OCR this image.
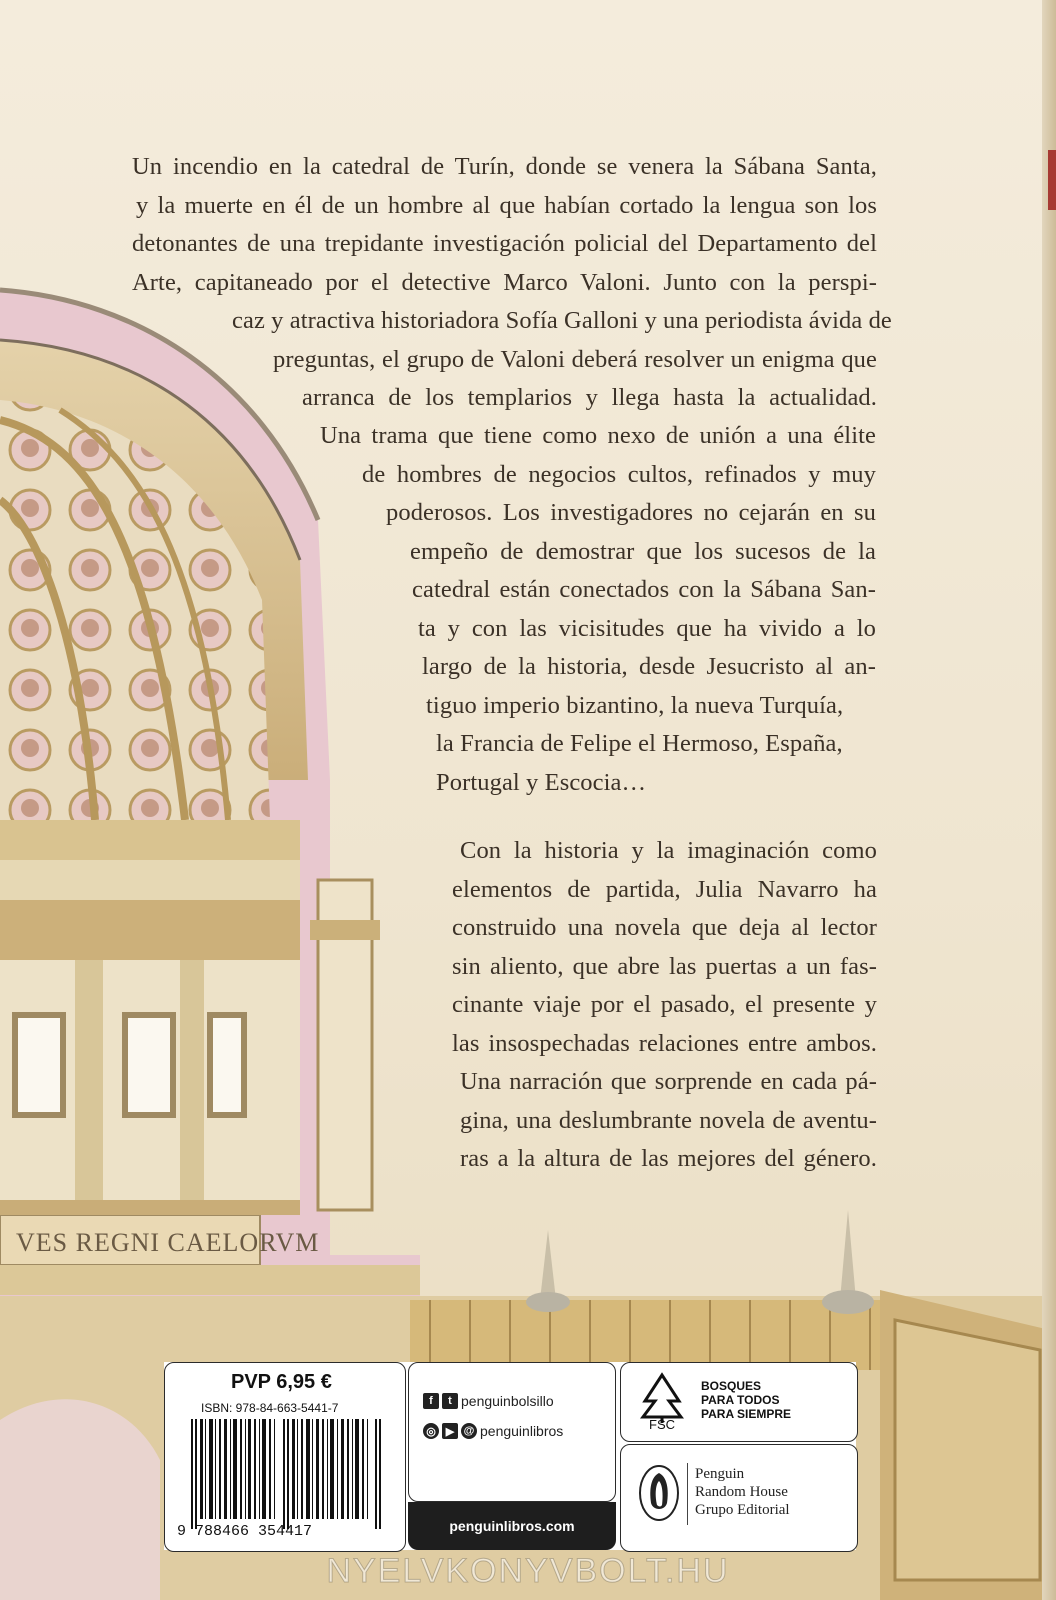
VES REGNI CAELORVM
Un incendio en la catedral de Turín, donde se venera la Sábana Santa,
y la muerte en él de un hombre al que habían cortado la lengua son los
detonantes de una trepidante investigación policial del Departamento del
Arte, capitaneado por el detective Marco Valoni. Junto con la perspi-
caz y atractiva historiadora Sofía Galloni y una periodista ávida de
preguntas, el grupo de Valoni deberá resolver un enigma que
arranca de los templarios y llega hasta la actualidad.
Una trama que tiene como nexo de unión a una élite
de hombres de negocios cultos, refinados y muy
poderosos. Los investigadores no cejarán en su
empeño de demostrar que los sucesos de la
catedral están conectados con la Sábana San-
ta y con las vicisitudes que ha vivido a lo
largo de la historia, desde Jesucristo al an-
tiguo imperio bizantino, la nueva Turquía,
la Francia de Felipe el Hermoso, España,
Portugal y Escocia…
Con la historia y la imaginación como
elementos de partida, Julia Navarro ha
construido una novela que deja al lector
sin aliento, que abre las puertas a un fas-
cinante viaje por el pasado, el presente y
las insospechadas relaciones entre ambos.
Una narración que sorprende en cada pá-
gina, una deslumbrante novela de aventu-
ras a la altura de las mejores del género.
PVP 6,95 €
ISBN: 978-84-663-5441-7
9 788466 354417
f	t penguinbolsillo
◎ ▶ @ penguinlibros
penguinlibros.com
FSC
BOSQUES
PARA TODOS
PARA SIEMPRE
Penguin
Random House
Grupo Editorial
NYELVKONYVBOLT.HU
